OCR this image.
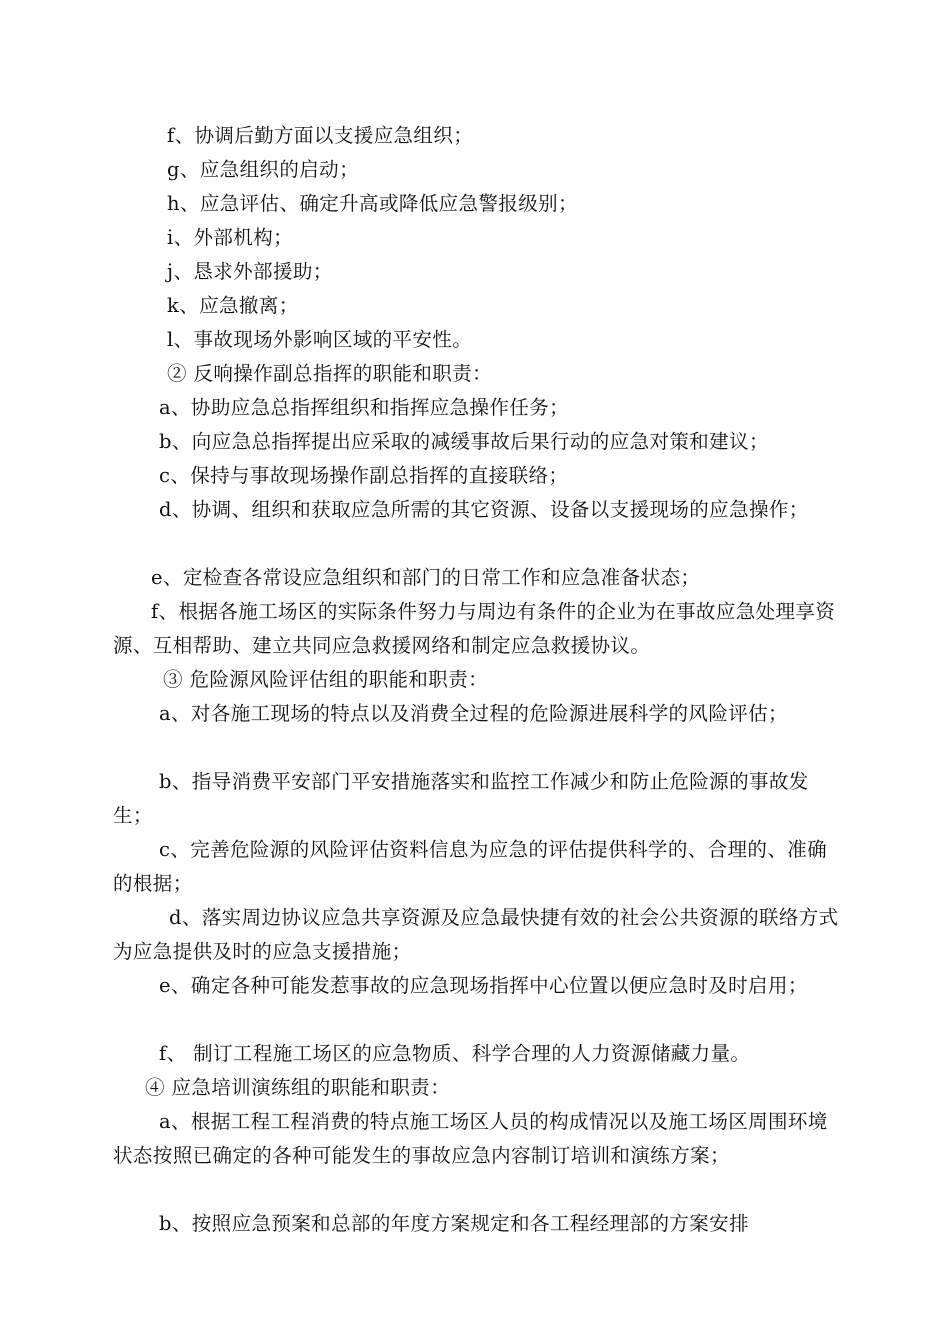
f、协调后勤方面以支援应急组织；

g、应急组织的启动；

h、应急评估、确定升高或降低应急警报级别；

i、外部机构；

j、恳求外部援助；

k、应急撤离；

l、事故现场外影响区域的平安性。

② 反响操作副总指挥的职能和职责：

a、协助应急总指挥组织和指挥应急操作任务；

b、向应急总指挥提出应采取的减缓事故后果行动的应急对策和建议；

c、保持与事故现场操作副总指挥的直接联络；

d、协调、组织和获取应急所需的其它资源、设备以支援现场的应急操作；

e、定检查各常设应急组织和部门的日常工作和应急准备状态；

f、根据各施工场区的实际条件努力与周边有条件的企业为在事故应急处理享资源、互相帮助、建立共同应急救援网络和制定应急救援协议。

③ 危险源风险评估组的职能和职责：

a、对各施工现场的特点以及消费全过程的危险源进展科学的风险评估；

b、指导消费平安部门平安措施落实和监控工作减少和防止危险源的事故发生；

c、完善危险源的风险评估资料信息为应急的评估提供科学的、合理的、准确的根据；

d、落实周边协议应急共享资源及应急最快捷有效的社会公共资源的联络方式为应急提供及时的应急支援措施；

e、确定各种可能发惹事故的应急现场指挥中心位置以便应急时及时启用；

f、 制订工程施工场区的应急物质、科学合理的人力资源储藏力量。

④ 应急培训演练组的职能和职责：

a、根据工程工程消费的特点施工场区人员的构成情况以及施工场区周围环境状态按照已确定的各种可能发生的事故应急内容制订培训和演练方案；

b、按照应急预案和总部的年度方案规定和各工程经理部的方案安排
